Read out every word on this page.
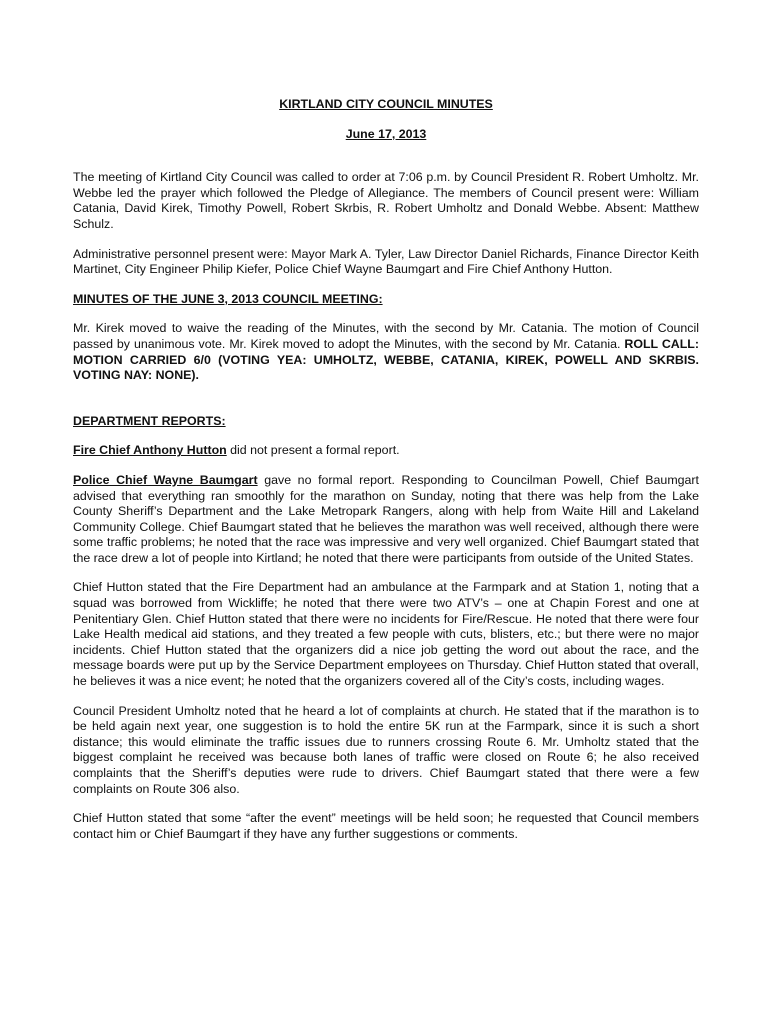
KIRTLAND CITY COUNCIL MINUTES
June 17, 2013

The meeting of Kirtland City Council was called to order at 7:06 p.m. by Council President R. Robert Umholtz. Mr. Webbe led the prayer which followed the Pledge of Allegiance. The members of Council present were: William Catania, David Kirek, Timothy Powell, Robert Skrbis, R. Robert Umholtz and Donald Webbe. Absent: Matthew Schulz.

Administrative personnel present were: Mayor Mark A. Tyler, Law Director Daniel Richards, Finance Director Keith Martinet, City Engineer Philip Kiefer, Police Chief Wayne Baumgart and Fire Chief Anthony Hutton.

MINUTES OF THE JUNE 3, 2013 COUNCIL MEETING:

Mr. Kirek moved to waive the reading of the Minutes, with the second by Mr. Catania. The motion of Council passed by unanimous vote. Mr. Kirek moved to adopt the Minutes, with the second by Mr. Catania. ROLL CALL: MOTION CARRIED 6/0 (VOTING YEA: UMHOLTZ, WEBBE, CATANIA, KIREK, POWELL AND SKRBIS. VOTING NAY: NONE).

DEPARTMENT REPORTS:

Fire Chief Anthony Hutton did not present a formal report.

Police Chief Wayne Baumgart gave no formal report. Responding to Councilman Powell, Chief Baumgart advised that everything ran smoothly for the marathon on Sunday, noting that there was help from the Lake County Sheriff’s Department and the Lake Metropark Rangers, along with help from Waite Hill and Lakeland Community College. Chief Baumgart stated that he believes the marathon was well received, although there were some traffic problems; he noted that the race was impressive and very well organized. Chief Baumgart stated that the race drew a lot of people into Kirtland; he noted that there were participants from outside of the United States.

Chief Hutton stated that the Fire Department had an ambulance at the Farmpark and at Station 1, noting that a squad was borrowed from Wickliffe; he noted that there were two ATV’s – one at Chapin Forest and one at Penitentiary Glen. Chief Hutton stated that there were no incidents for Fire/Rescue. He noted that there were four Lake Health medical aid stations, and they treated a few people with cuts, blisters, etc.; but there were no major incidents. Chief Hutton stated that the organizers did a nice job getting the word out about the race, and the message boards were put up by the Service Department employees on Thursday. Chief Hutton stated that overall, he believes it was a nice event; he noted that the organizers covered all of the City’s costs, including wages.

Council President Umholtz noted that he heard a lot of complaints at church. He stated that if the marathon is to be held again next year, one suggestion is to hold the entire 5K run at the Farmpark, since it is such a short distance; this would eliminate the traffic issues due to runners crossing Route 6. Mr. Umholtz stated that the biggest complaint he received was because both lanes of traffic were closed on Route 6; he also received complaints that the Sheriff’s deputies were rude to drivers. Chief Baumgart stated that there were a few complaints on Route 306 also.

Chief Hutton stated that some “after the event” meetings will be held soon; he requested that Council members contact him or Chief Baumgart if they have any further suggestions or comments.
